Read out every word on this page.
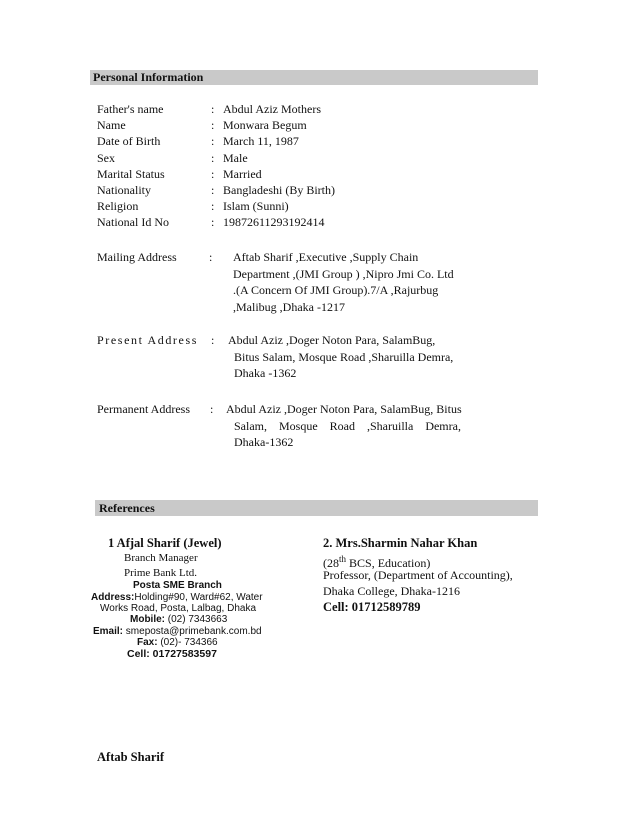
Personal Information
Father's name	: Abdul Aziz Mothers
Name	: Monwara Begum
Date of Birth	: March 11, 1987
Sex	: Male
Marital Status	: Married
Nationality	: Bangladeshi (By Birth)
Religion	: Islam (Sunni)
National Id No	: 19872611293192414
Mailing Address	: Aftab Sharif ,Executive ,Supply Chain
Department ,(JMI Group ) ,Nipro Jmi Co. Ltd
.(A Concern Of JMI Group).7/A ,Rajurbug
,Malibug ,Dhaka -1217
Present Address : Abdul Aziz ,Doger Noton Para, SalamBug,
Bitus Salam, Mosque Road ,Sharuilla Demra,
Dhaka -1362
Permanent Address : Abdul Aziz ,Doger Noton Para, SalamBug, Bitus
Salam, Mosque Road ,Sharuilla Demra,
Dhaka-1362
References
1 Afjal Sharif (Jewel)
Branch Manager
Prime Bank Ltd.
Posta SME Branch
Address:Holding#90, Ward#62, Water
Works Road, Posta, Lalbag, Dhaka
Mobile: (02) 7343663
Email: smeposta@primebank.com.bd
Fax: (02)- 734366
Cell: 01727583597
2. Mrs.Sharmin Nahar Khan
(28th BCS, Education)
Professor, (Department of Accounting),
Dhaka College, Dhaka-1216
Cell: 01712589789
Aftab Sharif
